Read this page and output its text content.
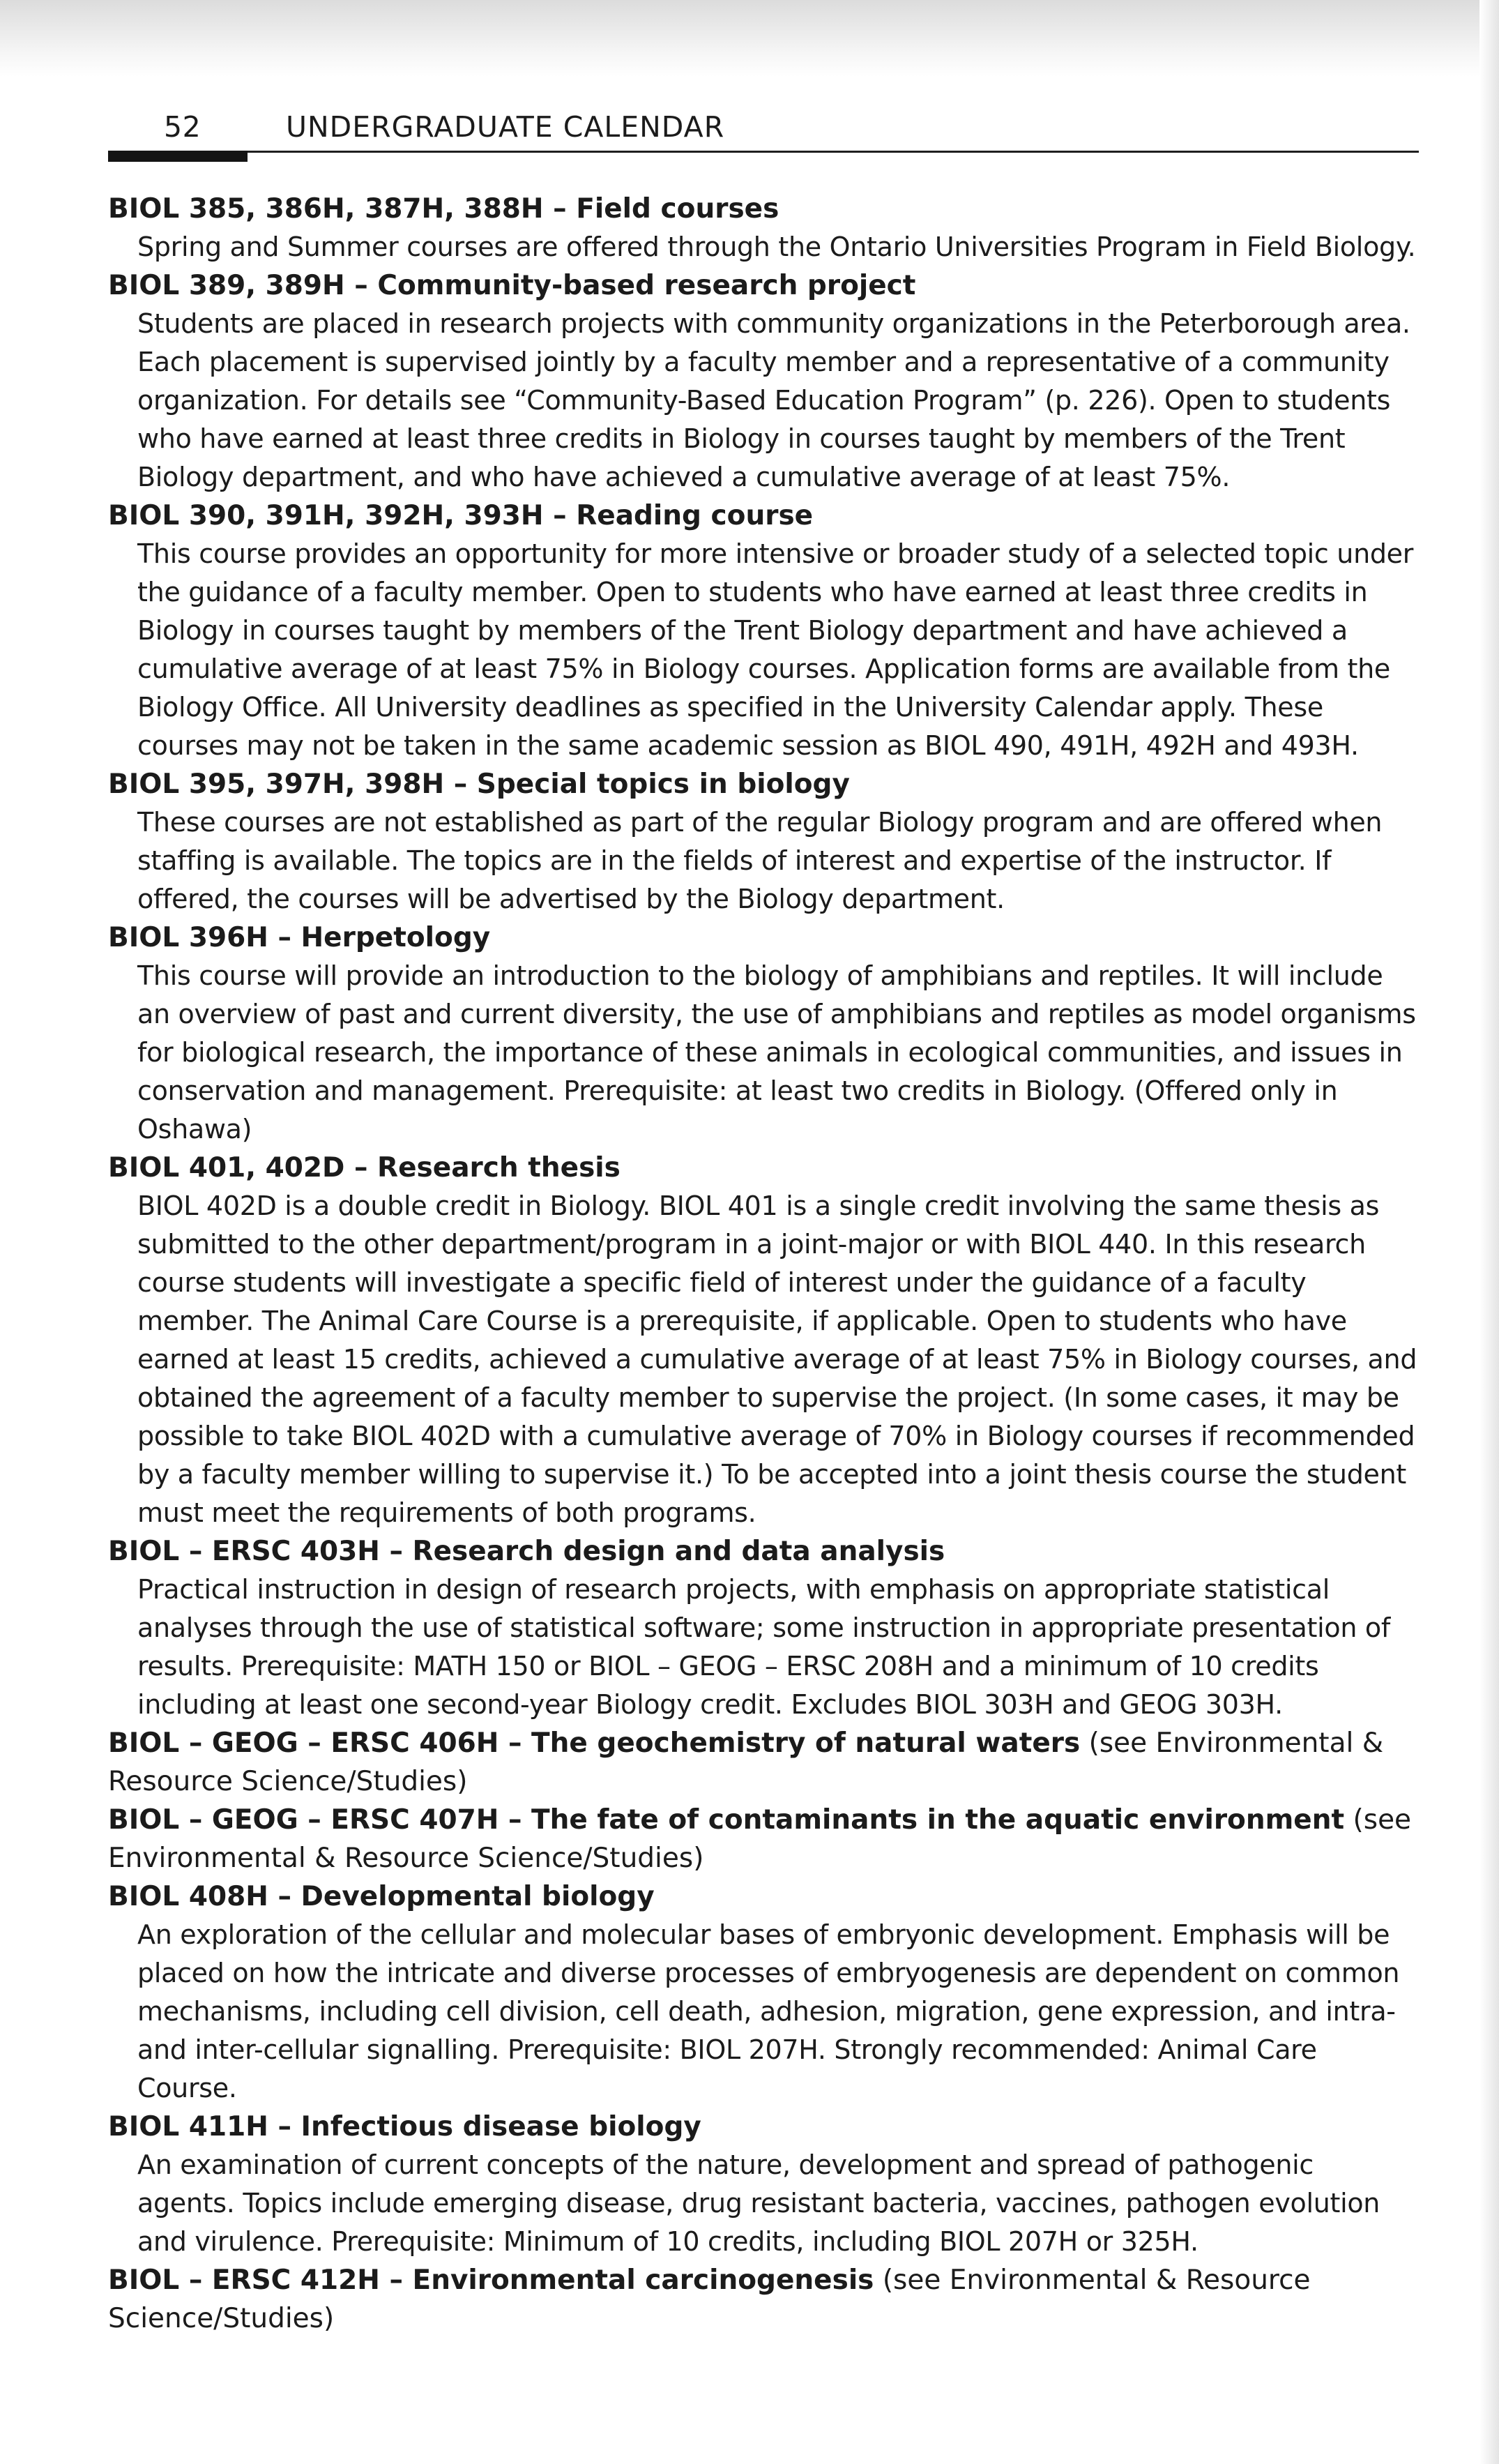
52	UNDERGRADUATE CALENDAR

BIOL 385, 386H, 387H, 388H – Field courses

Spring and Summer courses are offered through the Ontario Universities Program in Field Biology.

BIOL 389, 389H – Community-based research project

Students are placed in research projects with community organizations in the Peterborough area. Each placement is supervised jointly by a faculty member and a representative of a community organization. For details see “Community-Based Education Program” (p. 226). Open to students who have earned at least three credits in Biology in courses taught by members of the Trent Biology department, and who have achieved a cumulative average of at least 75%.

BIOL 390, 391H, 392H, 393H – Reading course

This course provides an opportunity for more intensive or broader study of a selected topic under the guidance of a faculty member. Open to students who have earned at least three credits in Biology in courses taught by members of the Trent Biology department and have achieved a cumulative average of at least 75% in Biology courses. Application forms are available from the Biology Office. All University deadlines as specified in the University Calendar apply. These courses may not be taken in the same academic session as BIOL 490, 491H, 492H and 493H.

BIOL 395, 397H, 398H – Special topics in biology

These courses are not established as part of the regular Biology program and are offered when staffing is available. The topics are in the fields of interest and expertise of the instructor. If offered, the courses will be advertised by the Biology department.

BIOL 396H – Herpetology

This course will provide an introduction to the biology of amphibians and reptiles. It will include an overview of past and current diversity, the use of amphibians and reptiles as model organisms for biological research, the importance of these animals in ecological communities, and issues in conservation and management. Prerequisite: at least two credits in Biology. (Offered only in Oshawa)

BIOL 401, 402D – Research thesis

BIOL 402D is a double credit in Biology. BIOL 401 is a single credit involving the same thesis as submitted to the other department/program in a joint-major or with BIOL 440. In this research course students will investigate a specific field of interest under the guidance of a faculty member. The Animal Care Course is a prerequisite, if applicable. Open to students who have earned at least 15 credits, achieved a cumulative average of at least 75% in Biology courses, and obtained the agreement of a faculty member to supervise the project. (In some cases, it may be possible to take BIOL 402D with a cumulative average of 70% in Biology courses if recommended by a faculty member willing to supervise it.) To be accepted into a joint thesis course the student must meet the requirements of both programs.

BIOL – ERSC 403H – Research design and data analysis

Practical instruction in design of research projects, with emphasis on appropriate statistical analyses through the use of statistical software; some instruction in appropriate presentation of results. Prerequisite: MATH 150 or BIOL – GEOG – ERSC 208H and a minimum of 10 credits including at least one second-year Biology credit. Excludes BIOL 303H and GEOG 303H.

BIOL – GEOG – ERSC 406H – The geochemistry of natural waters (see Environmental & Resource Science/Studies)

BIOL – GEOG – ERSC 407H – The fate of contaminants in the aquatic environment (see Environmental & Resource Science/Studies)

BIOL 408H – Developmental biology

An exploration of the cellular and molecular bases of embryonic development. Emphasis will be placed on how the intricate and diverse processes of embryogenesis are dependent on common mechanisms, including cell division, cell death, adhesion, migration, gene expression, and intra- and inter-cellular signalling. Prerequisite: BIOL 207H. Strongly recommended: Animal Care Course.

BIOL 411H – Infectious disease biology

An examination of current concepts of the nature, development and spread of pathogenic agents. Topics include emerging disease, drug resistant bacteria, vaccines, pathogen evolution and virulence. Prerequisite: Minimum of 10 credits, including BIOL 207H or 325H.

BIOL – ERSC 412H – Environmental carcinogenesis (see Environmental & Resource Science/Studies)
